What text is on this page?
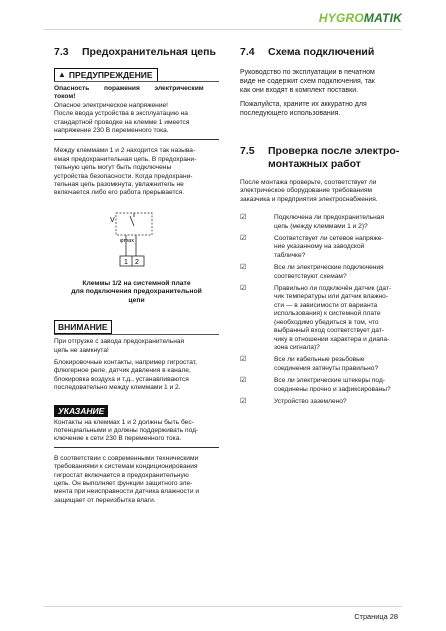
HYGROMATIK
7.3	Предохранительная цепь
▲ ПРЕДУПРЕЖДЕНИЕ

Опасность        поражения        электрическим

током!

Опасное электрическое напряжение!

После ввода устройства в эксплуатацию на

стандартной проводке на клемме 1 имеется

напряжение 230 В переменного тока.

Между клеммами 1 и 2 находится так называ-

емая предохранительная цепь. В предохрани-

тельную цепь могут быть подключены

устройства безопасности. Когда предохрани-

тельная цепь разомкнута, увлажнитель не

включается либо его работа прерывается.

V
φmax
1 2

Клеммы 1/2 на системной плате

для подключения предохранительной

цепи

ВНИМАНИЕ

При отгрузке с завода предохранительная

цепь не замкнута!

Блокировочные контакты, например гигростат,

флюгерное реле, датчик давления в канале,

блокировка воздуха и т.д., устанавливаются

последовательно между клеммами 1 и 2.

УКАЗАНИЕ

Контакты на клеммах 1 и 2 должны быть бес-

потенциальными и должны поддерживать под-

ключение к сети 230 В переменного тока.

В соответствии с современными техническими

требованиями к системам кондиционирования

гигростат включается в предохранительную

цепь. Он выполняет функции защитного эле-

мента при неисправности датчика влажности и

защищает от переизбытка влаги.

7.4	Схема подключений

Руководство по эксплуатации в печатном

виде не содержит схем подключения, так

как они входят в комплект поставки.

Пожалуйста, храните их аккуратно для

последующего использования.

7.5	Проверка после электро-
монтажных работ

После монтажа проверьте, соответствует ли

электрическое оборудование требованиям

заказчика и предприятия электроснабжения.

☑	Подключена ли предохранительная
цепь (между клеммами 1 и 2)?
☑	Соответствует ли сетевое напряже-
ние указанному на заводской
табличке?
☑	Все ли электрические подключения
соответствуют схемам?
☑	Правильно ли подключён датчик (дат-
чик температуры или датчик влажно-
сти — в зависимости от варианта
использования) к системной плате
(необходимо убедиться в том, что
выбранный вход соответствует дат-
чику в отношении характера и диапа-
зона сигнала)?
☑	Все ли кабельные резьбовые
соединения затянуты правильно?
☑	Все ли электрические штекеры под-
соединены прочно и зафиксированы?
☑	Устройство заземлено?
Страница 28
